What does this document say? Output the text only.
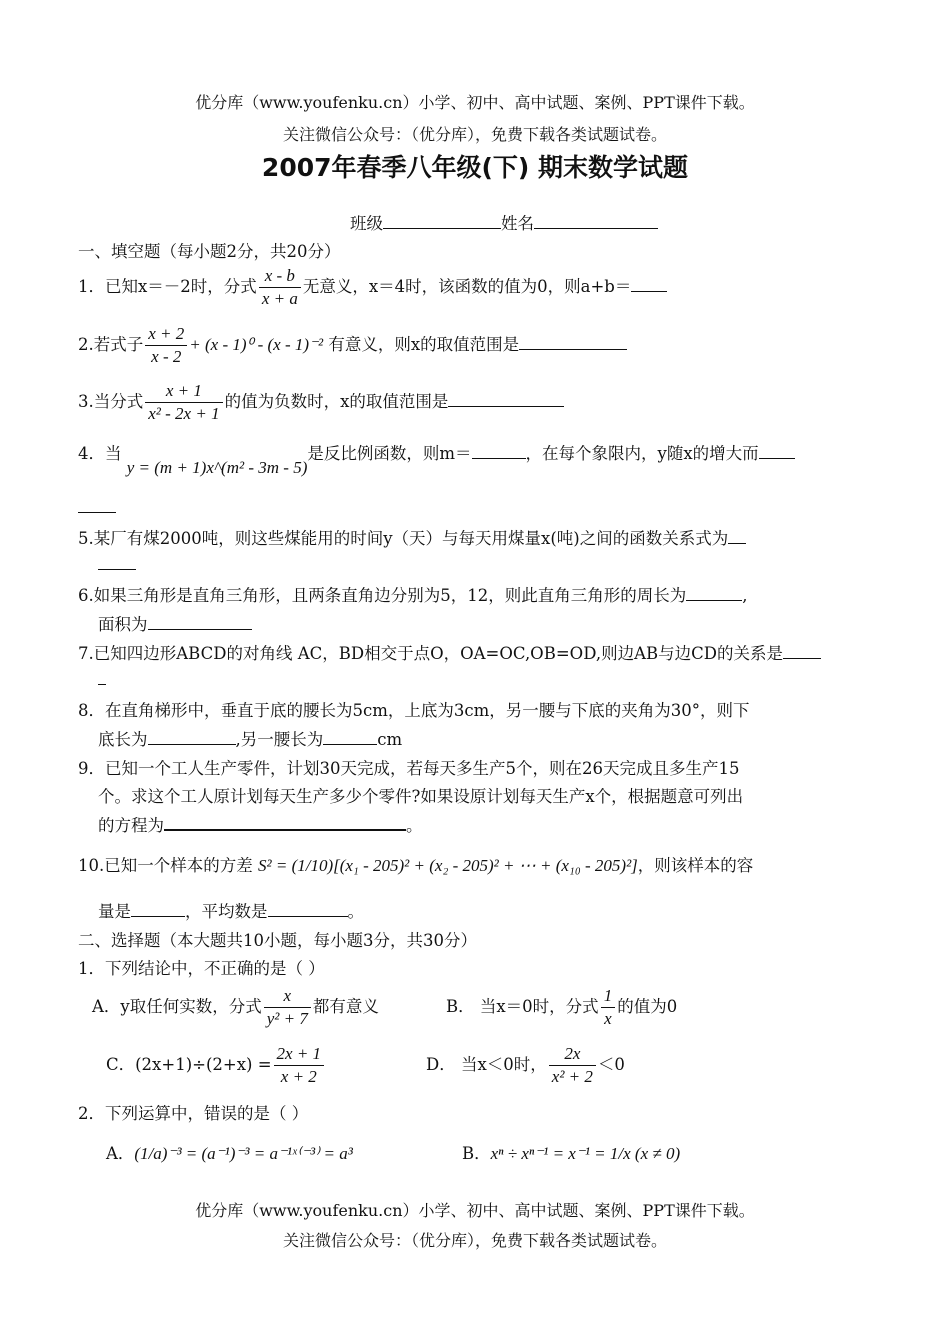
优分库（www.youfenku.cn）小学、初中、高中试题、案例、PPT课件下载。
关注微信公众号：（优分库），免费下载各类试题试卷。
2007年春季八年级(下) 期末数学试题
班级	姓名
一、填空题（每小题2分，共20分）
1．已知x＝－2时，分式 $\frac{x - b}{x + a}$ 无意义，x＝4时，该函数的值为0，则a+b＝
2.若式子 $\frac{x + 2}{x - 2} + (x - 1)^0 - (x - 1)^{-2}$ 有意义，则x的取值范围是
3.当分式 $\frac{x + 1}{\text{x² - 2x + 1}}$ 的值为负数时，x的取值范围是
4．当 y = (m + 1)x^(m² - 3m - 5)是反比例函数，则m＝	，在每个象限内，y随x的增大而
5.某厂有煤2000吨，则这些煤能用的时间y（天）与每天用煤量x(吨)之间的函数关系式为
6.如果三角形是直角三角形，且两条直角边分别为5，12，则此直角三角形的周长为	,
面积为
7.已知四边形ABCD的对角线 AC，BD相交于点O，OA=OC,OB=OD,则边AB与边CD的关系是
8．在直角梯形中，垂直于底的腰长为5cm，上底为3cm，另一腰与下底的夹角为30°，则下
底长为	,另一腰长为	cm
9．已知一个工人生产零件，计划30天完成，若每天多生产5个，则在26天完成且多生产15
个。求这个工人原计划每天生产多少个零件?如果设原计划每天生产x个，根据题意可列出
的方程为	。
10.已知一个样本的方差 S² = (1/10)[(x₁ - 205)² + (x₂ - 205)² + ⋯ + (x₁₀ - 205)²]，则该样本的容
量是	，平均数是	。
二、选择题（本大题共10小题，每小题3分，共30分）
1．下列结论中，不正确的是（ ）
A．y取任何实数，分式 $\frac{x}{\text{y² + 7}}$ 都有意义	B． 当x＝0时，分式 $\frac{1}{x}$ 的值为0
C．$(2x+1)\div(2+x) = \frac{2x + 1}{x + 2}$	D． 当x＜0时， $\frac{2x}{\text{x² + 2}} <0$
2．下列运算中，错误的是（ ）
A．(1/a)⁻³ = (a⁻¹)⁻³ = a⁻¹ˣ⁽⁻³⁾ = a³	B．xⁿ ÷ xⁿ⁻¹ = x⁻¹ = 1/x (x ≠ 0)
优分库（www.youfenku.cn）小学、初中、高中试题、案例、PPT课件下载。
关注微信公众号：（优分库），免费下载各类试题试卷。
